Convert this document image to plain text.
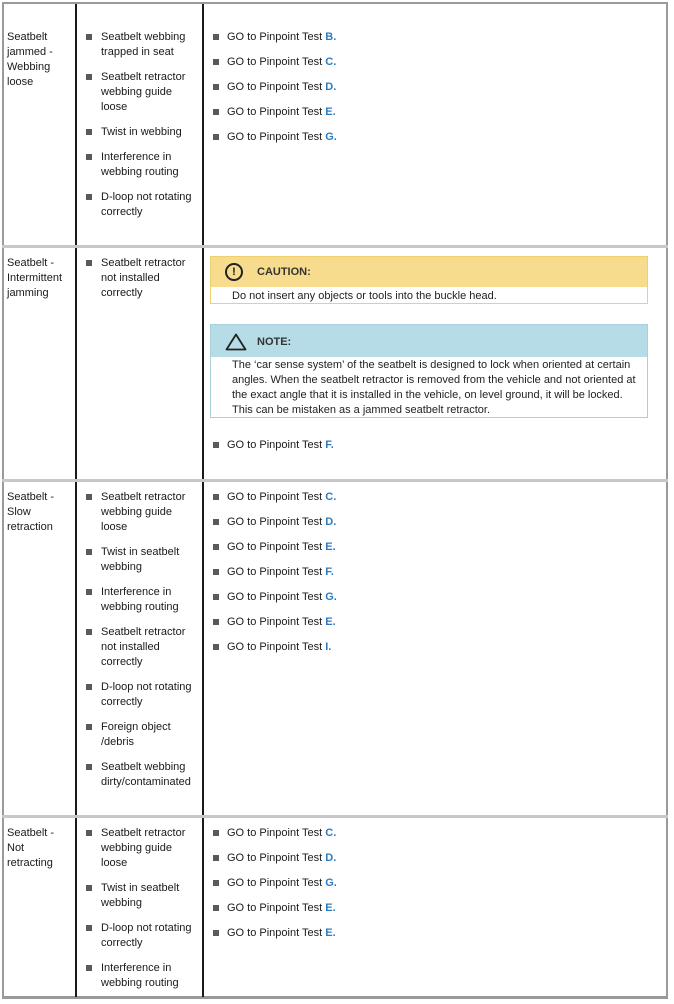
Seatbelt jammed - Webbing loose
Seatbelt webbing trapped in seat
Seatbelt retractor webbing guide loose
Twist in webbing
Interference in webbing routing
D-loop not rotating correctly
GO to Pinpoint Test B.
GO to Pinpoint Test C.
GO to Pinpoint Test D.
GO to Pinpoint Test E.
GO to Pinpoint Test G.
Seatbelt - Intermittent jamming
Seatbelt retractor not installed correctly
!	CAUTION:
Do not insert any objects or tools into the buckle head.
NOTE:
The ‘car sense system’ of the seatbelt is designed to lock when oriented at certain angles. When the seatbelt retractor is removed from the vehicle and not oriented at the exact angle that it is installed in the vehicle, on level ground, it will be locked. This can be mistaken as a jammed seatbelt retractor.
GO to Pinpoint Test F.
Seatbelt - Slow retraction
Seatbelt retractor webbing guide loose
Twist in seatbelt webbing
Interference in webbing routing
Seatbelt retractor not installed correctly
D-loop not rotating correctly
Foreign object /debris
Seatbelt webbing dirty/contaminated
GO to Pinpoint Test C.
GO to Pinpoint Test D.
GO to Pinpoint Test E.
GO to Pinpoint Test F.
GO to Pinpoint Test G.
GO to Pinpoint Test E.
GO to Pinpoint Test I.
Seatbelt - Not retracting
Seatbelt retractor webbing guide loose
Twist in seatbelt webbing
D-loop not rotating correctly
Interference in webbing routing
GO to Pinpoint Test C.
GO to Pinpoint Test D.
GO to Pinpoint Test G.
GO to Pinpoint Test E.
GO to Pinpoint Test E.
